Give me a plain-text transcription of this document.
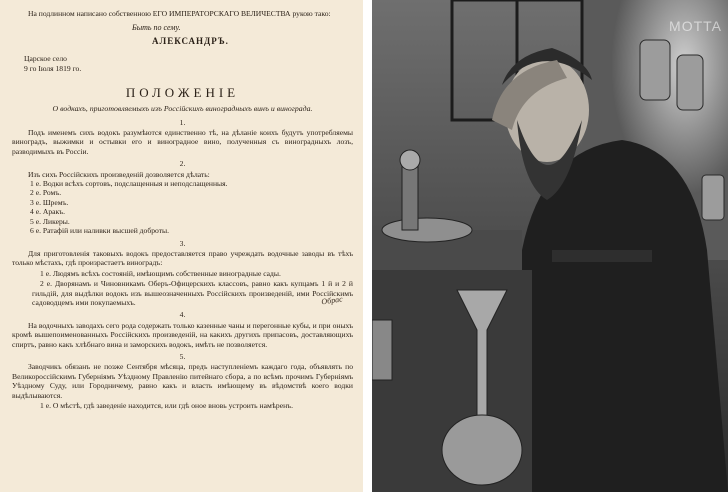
На подлинном написано собственною ЕГО ИМПЕРАТОРСКАГО ВЕЛИЧЕСТВА рукою тако:

Быть по сему.

АЛЕКСАНДРЪ.

Царское село
9 го Іюля 1819 го.

ПОЛОЖЕНІЕ
О водкахъ, приготовляемыхъ изъ Россійскихъ виноградныхъ винъ и винограда.
1.

Подъ именемъ сихъ водокъ разумѣются единственно тѣ, на дѣланіе коихъ будутъ употребляемы виноградъ, выжимки и остывки его и виноградное вино, полученныя съ виноградныхъ лозъ, разводимыхъ въ Россіи.

2.

Изъ сихъ Россійскихъ произведеній дозволяется дѣлать:

1 е. Водки всѣхъ сортовъ, подслащенныя и неподслащенныя.
2 е. Ромъ.
3 е. Шремъ.
4 е. Аракъ.
5 е. Ликеры.
6 е. Ратафій или наливки высшей доброты.
3.

Для приготовленія таковыхъ водокъ предоставляется право учреждать водочные заводы въ тѣхъ только мѣстахъ, гдѣ произрастаетъ виноградъ:

1 е. Людямъ всѣхъ состояній, имѣющимъ собственные виноградные сады.

2 е. Дворянамъ и Чиновникамъ Оберъ-Офицерскихъ классовъ, равно какъ купцамъ 1 й и 2 й гильдій, для выдѣлки водокъ изъ вышеозначенныхъ Россійскихъ произведеній, ими Россійскимъ садоводцемъ ими покупаемыхъ.

4.

На водочныхъ заводахъ сего рода содержать только казенные чаны и перегонные кубы, и при оныхъ кромѣ вышепоименованныхъ Россійскихъ произведеній, на какихъ другихъ припасовъ, доставляющихъ спиртъ, равно какъ хлѣбнаго вина и заморскихъ водокъ, имѣть не позволяется.

5.

Заводчикъ обязанъ не позже Сентября мѣсяца, предъ наступленіемъ каждаго года, объявлять по Великороссійскимъ Губерніямъ Уѣздному Правленію питейнаго сбора, а по всѣмъ прочимъ Губерніямъ Уѣздному Суду, или Городничему, равно какъ и власть имѣющему въ вѣдомствѣ коего водки выдѣлываются.

1 е. О мѣстѣ, гдѣ заведеніе находится, или гдѣ оное вновь устроить намѣренъ.

Обрас
MOTTA
